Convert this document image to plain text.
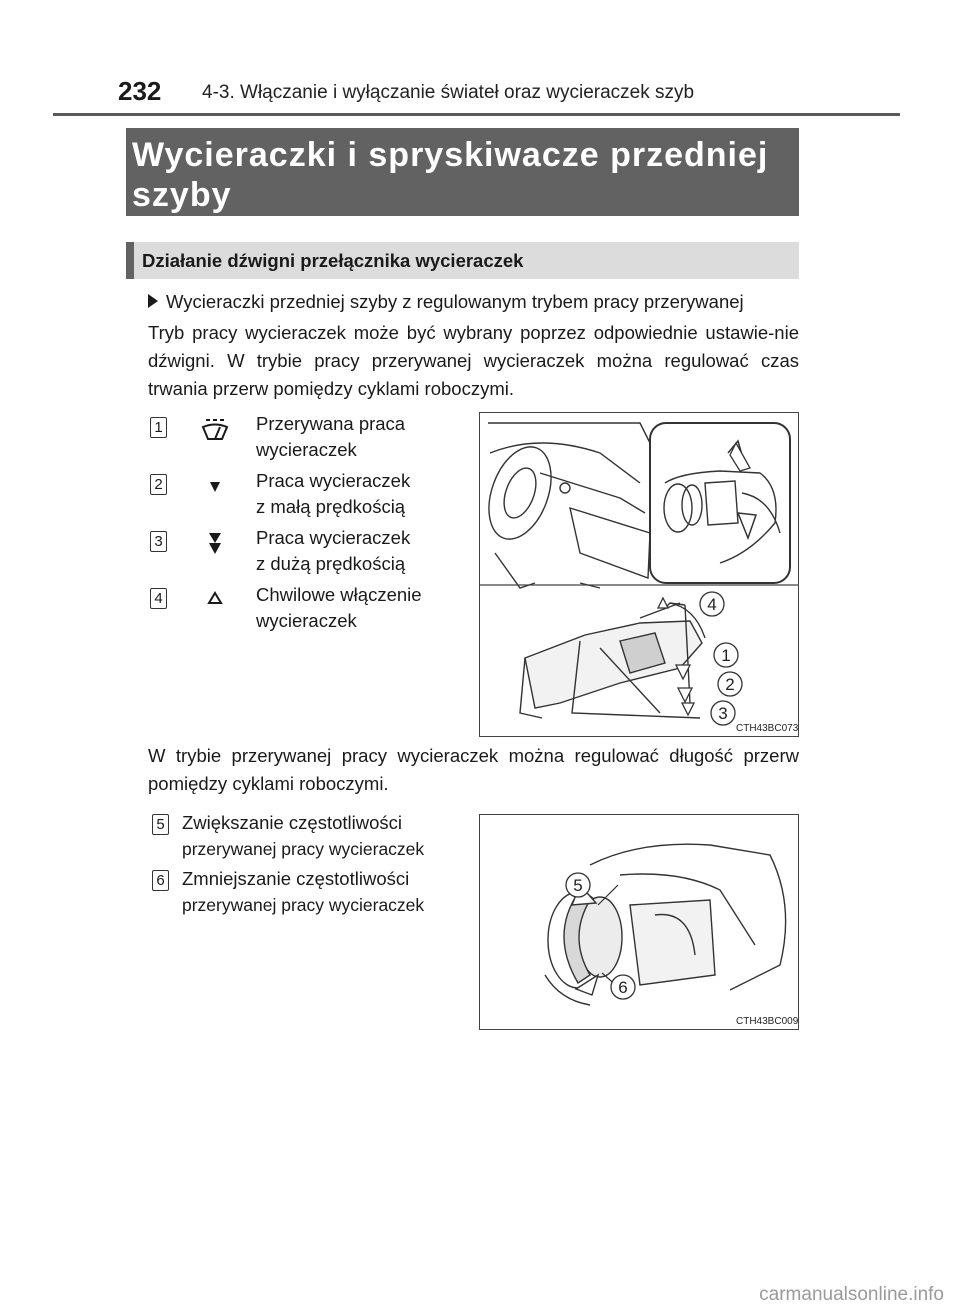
232 4-3. Włączanie i wyłączanie świateł oraz wycieraczek szyb
Wycieraczki i spryskiwacze przedniej
szyby
Działanie dźwigni przełącznika wycieraczek
Wycieraczki przedniej szyby z regulowanym trybem pracy przerywanej
Tryb pracy wycieraczek może być wybrany poprzez odpowiednie ustawie-nie dźwigni. W trybie pracy przerywanej wycieraczek można regulować czas trwania przerw pomiędzy cyklami roboczymi.
1	Przerywana praca
wycieraczek
2	Praca wycieraczek
z małą prędkością
3	Praca wycieraczek
z dużą prędkością
4	Chwilowe włączenie
wycieraczek
4
1
2
3
CTH43BC073
W trybie przerywanej pracy wycieraczek można regulować długość przerw pomiędzy cyklami roboczymi.
5 Zwiększanie częstotliwości
przerywanej pracy wycieraczek
6 Zmniejszanie częstotliwości
przerywanej pracy wycieraczek
5
6
CTH43BC009
carmanualsonline.info
